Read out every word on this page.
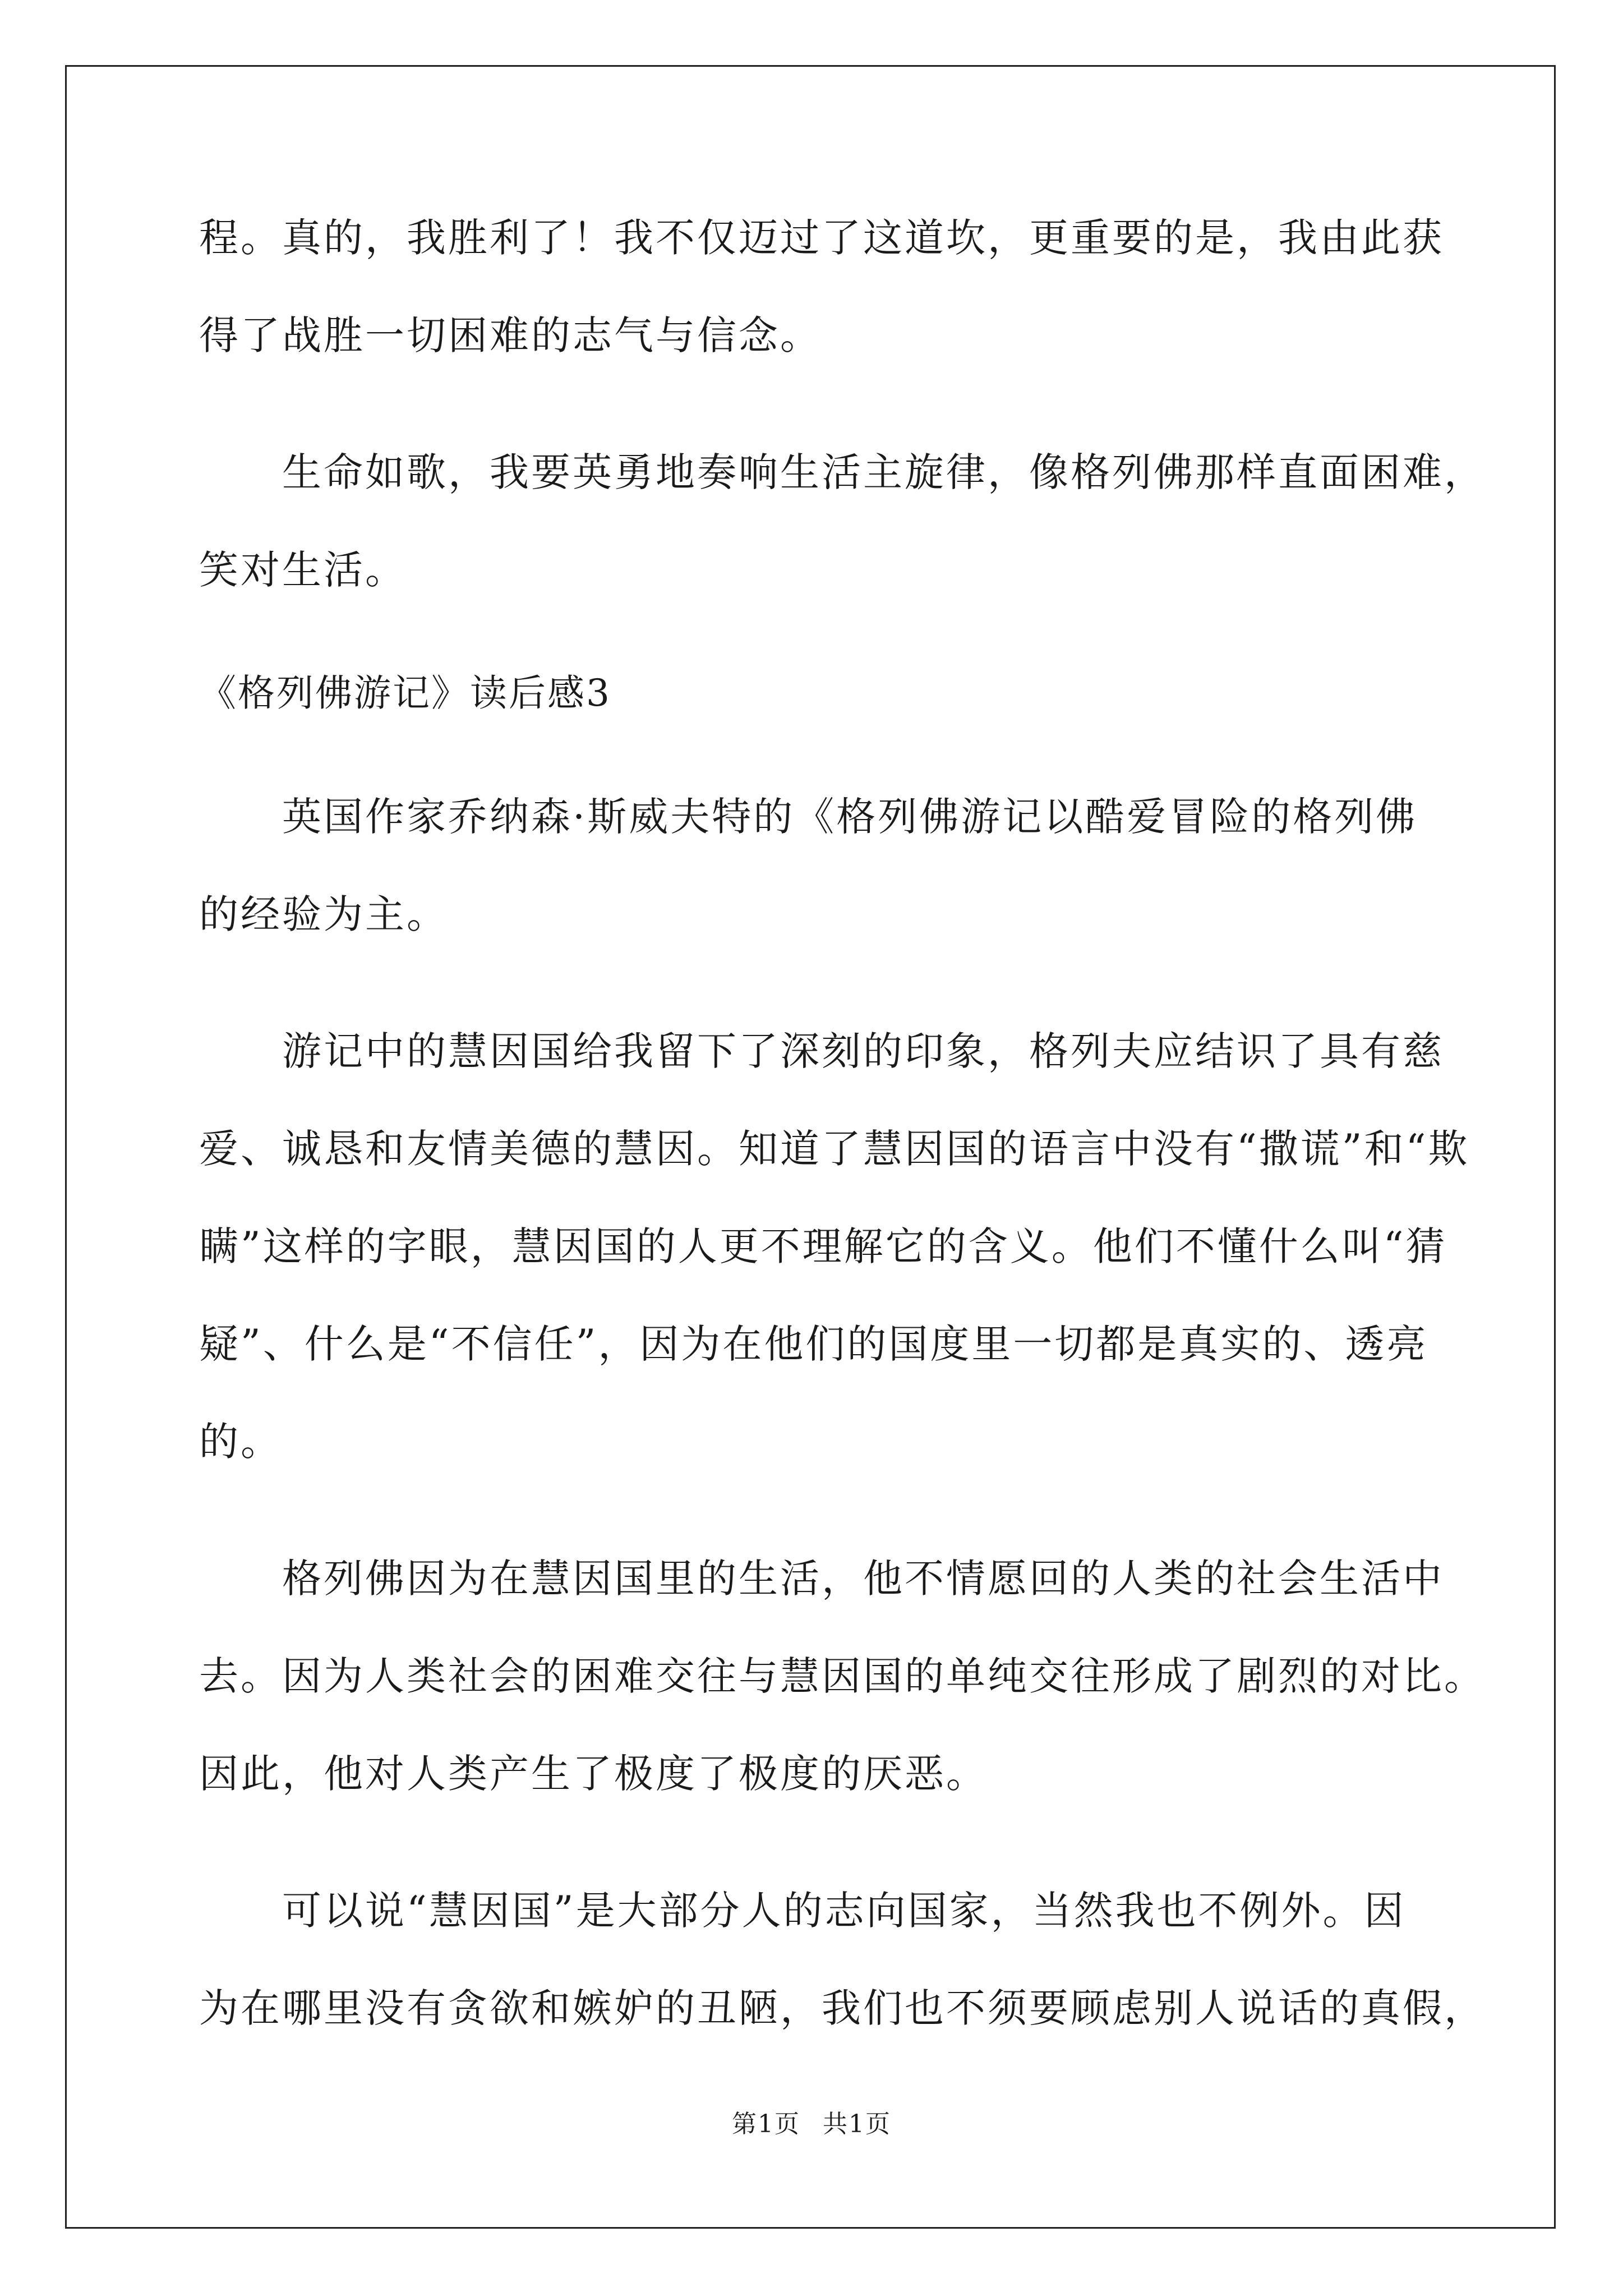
程。真的，我胜利了！我不仅迈过了这道坎，更重要的是，我由此获
得了战胜一切困难的志气与信念。
生命如歌，我要英勇地奏响生活主旋律，像格列佛那样直面困难，
笑对生活。
《格列佛游记》读后感3
英国作家乔纳森·斯威夫特的《格列佛游记以酷爱冒险的格列佛
的经验为主。
游记中的慧因国给我留下了深刻的印象，格列夫应结识了具有慈
爱、诚恳和友情美德的慧因。知道了慧因国的语言中没有“撒谎”和“欺
瞒”这样的字眼，慧因国的人更不理解它的含义。他们不懂什么叫“猜
疑”、什么是“不信任”，因为在他们的国度里一切都是真实的、透亮
的。
格列佛因为在慧因国里的生活，他不情愿回的人类的社会生活中
去。因为人类社会的困难交往与慧因国的单纯交往形成了剧烈的对比。
因此，他对人类产生了极度了极度的厌恶。
可以说“慧因国”是大部分人的志向国家，当然我也不例外。因
为在哪里没有贪欲和嫉妒的丑陋，我们也不须要顾虑别人说话的真假，
第1页 共1页
